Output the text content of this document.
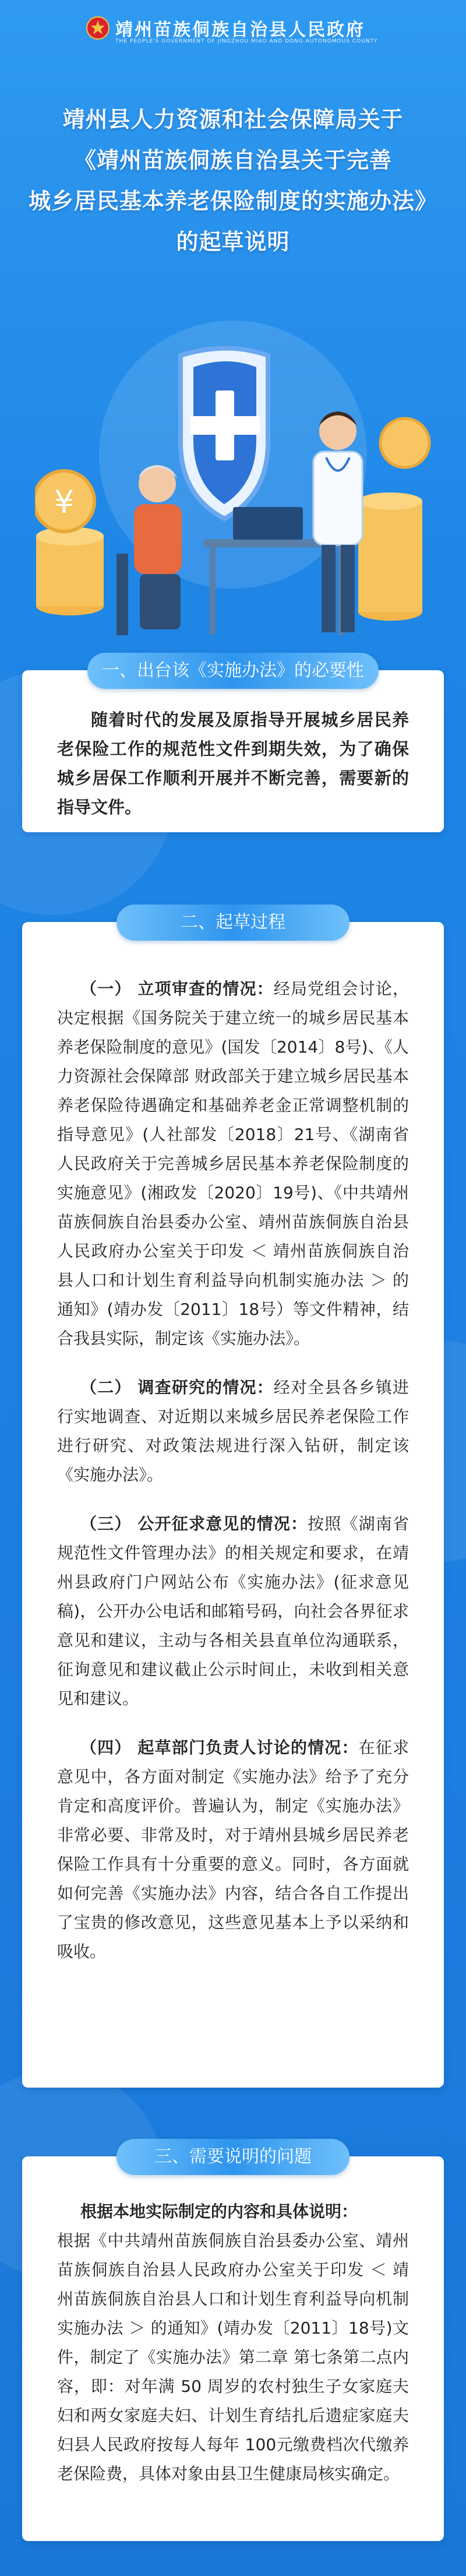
靖州苗族侗族自治县人民政府
THE PEOPLE'S GOVERNMENT OF JINGZHOU MIAO AND DONG AUTONOMOUS COUNTY
靖州县人力资源和社会保障局关于
《靖州苗族侗族自治县关于完善
城乡居民基本养老保险制度的实施办法》
的起草说明
¥
一、出台该《实施办法》的必要性

随着时代的发展及原指导开展城乡居民养老保险工作的规范性文件到期失效，为了确保城乡居保工作顺利开展并不断完善，需要新的指导文件。

二、起草过程

（一） 立项审查的情况：经局党组会讨论，决定根据《国务院关于建立统一的城乡居民基本养老保险制度的意见》(国发〔2014〕8号)、《人力资源社会保障部 财政部关于建立城乡居民基本养老保险待遇确定和基础养老金正常调整机制的指导意见》(人社部发〔2018〕21号、《湖南省人民政府关于完善城乡居民基本养老保险制度的实施意见》(湘政发〔2020〕19号)、《中共靖州苗族侗族自治县委办公室、靖州苗族侗族自治县人民政府办公室关于印发 ＜ 靖州苗族侗族自治县人口和计划生育利益导向机制实施办法 ＞ 的通知》(靖办发〔2011〕18号）等文件精神，结合我县实际，制定该《实施办法》。

（二） 调查研究的情况：经对全县各乡镇进行实地调查、对近期以来城乡居民养老保险工作进行研究、对政策法规进行深入钻研，制定该《实施办法》。

（三） 公开征求意见的情况：按照《湖南省规范性文件管理办法》的相关规定和要求，在靖州县政府门户网站公布《实施办法》(征求意见稿)，公开办公电话和邮箱号码，向社会各界征求意见和建议，主动与各相关县直单位沟通联系，征询意见和建议截止公示时间止，未收到相关意见和建议。

（四） 起草部门负责人讨论的情况：在征求意见中，各方面对制定《实施办法》给予了充分肯定和高度评价。普遍认为，制定《实施办法》非常必要、非常及时，对于靖州县城乡居民养老保险工作具有十分重要的意义。同时，各方面就如何完善《实施办法》内容，结合各自工作提出了宝贵的修改意见，这些意见基本上予以采纳和吸收。

三、需要说明的问题

根据本地实际制定的内容和具体说明：

根据《中共靖州苗族侗族自治县委办公室、靖州苗族侗族自治县人民政府办公室关于印发 ＜ 靖州苗族侗族自治县人口和计划生育利益导向机制实施办法 ＞ 的通知》(靖办发〔2011〕18号)文件，制定了《实施办法》第二章 第七条第二点内容，即：对年满 50 周岁的农村独生子女家庭夫妇和两女家庭夫妇、计划生育结扎后遗症家庭夫妇县人民政府按每人每年 100元缴费档次代缴养老保险费，具体对象由县卫生健康局核实确定。
